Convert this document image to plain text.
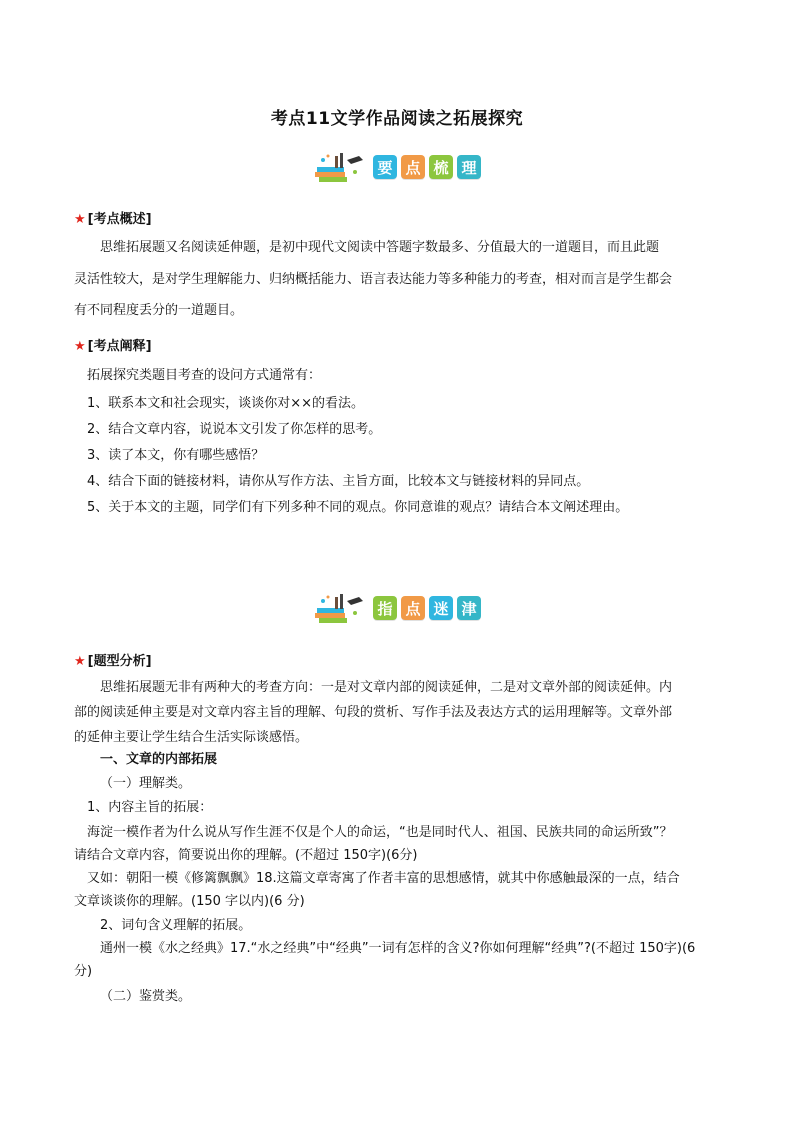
考点11文学作品阅读之拓展探究
要 点 梳 理
★ [考点概述]
思维拓展题又名阅读延伸题，是初中现代文阅读中答题字数最多、分值最大的一道题目，而且此题
灵活性较大，是对学生理解能力、归纳概括能力、语言表达能力等多种能力的考查，相对而言是学生都会
有不同程度丢分的一道题目。
★ [考点阐释]
拓展探究类题目考查的设问方式通常有：
1、联系本文和社会现实，谈谈你对××的看法。
2、结合文章内容，说说本文引发了你怎样的思考。
3、读了本文，你有哪些感悟？
4、结合下面的链接材料，请你从写作方法、主旨方面，比较本文与链接材料的异同点。
5、关于本文的主题，同学们有下列多种不同的观点。你同意谁的观点？请结合本文阐述理由。
指 点 迷 津
★ [题型分析]
思维拓展题无非有两种大的考查方向：一是对文章内部的阅读延伸，二是对文章外部的阅读延伸。内
部的阅读延伸主要是对文章内容主旨的理解、句段的赏析、写作手法及表达方式的运用理解等。文章外部
的延伸主要让学生结合生活实际谈感悟。
一、文章的内部拓展
（一）理解类。
1、内容主旨的拓展：
海淀一模作者为什么说从写作生涯不仅是个人的命运，“也是同时代人、祖国、民族共同的命运所致”？
请结合文章内容，简要说出你的理解。(不超过 150字)(6分)
又如：朝阳一模《修篱飘飘》18.这篇文章寄寓了作者丰富的思想感情，就其中你感触最深的一点，结合
文章谈谈你的理解。(150 字以内)(6 分)
2、词句含义理解的拓展。
通州一模《水之经典》17.“水之经典”中“经典”一词有怎样的含义?你如何理解“经典”?(不超过 150字)(6
分)
（二）鉴赏类。
